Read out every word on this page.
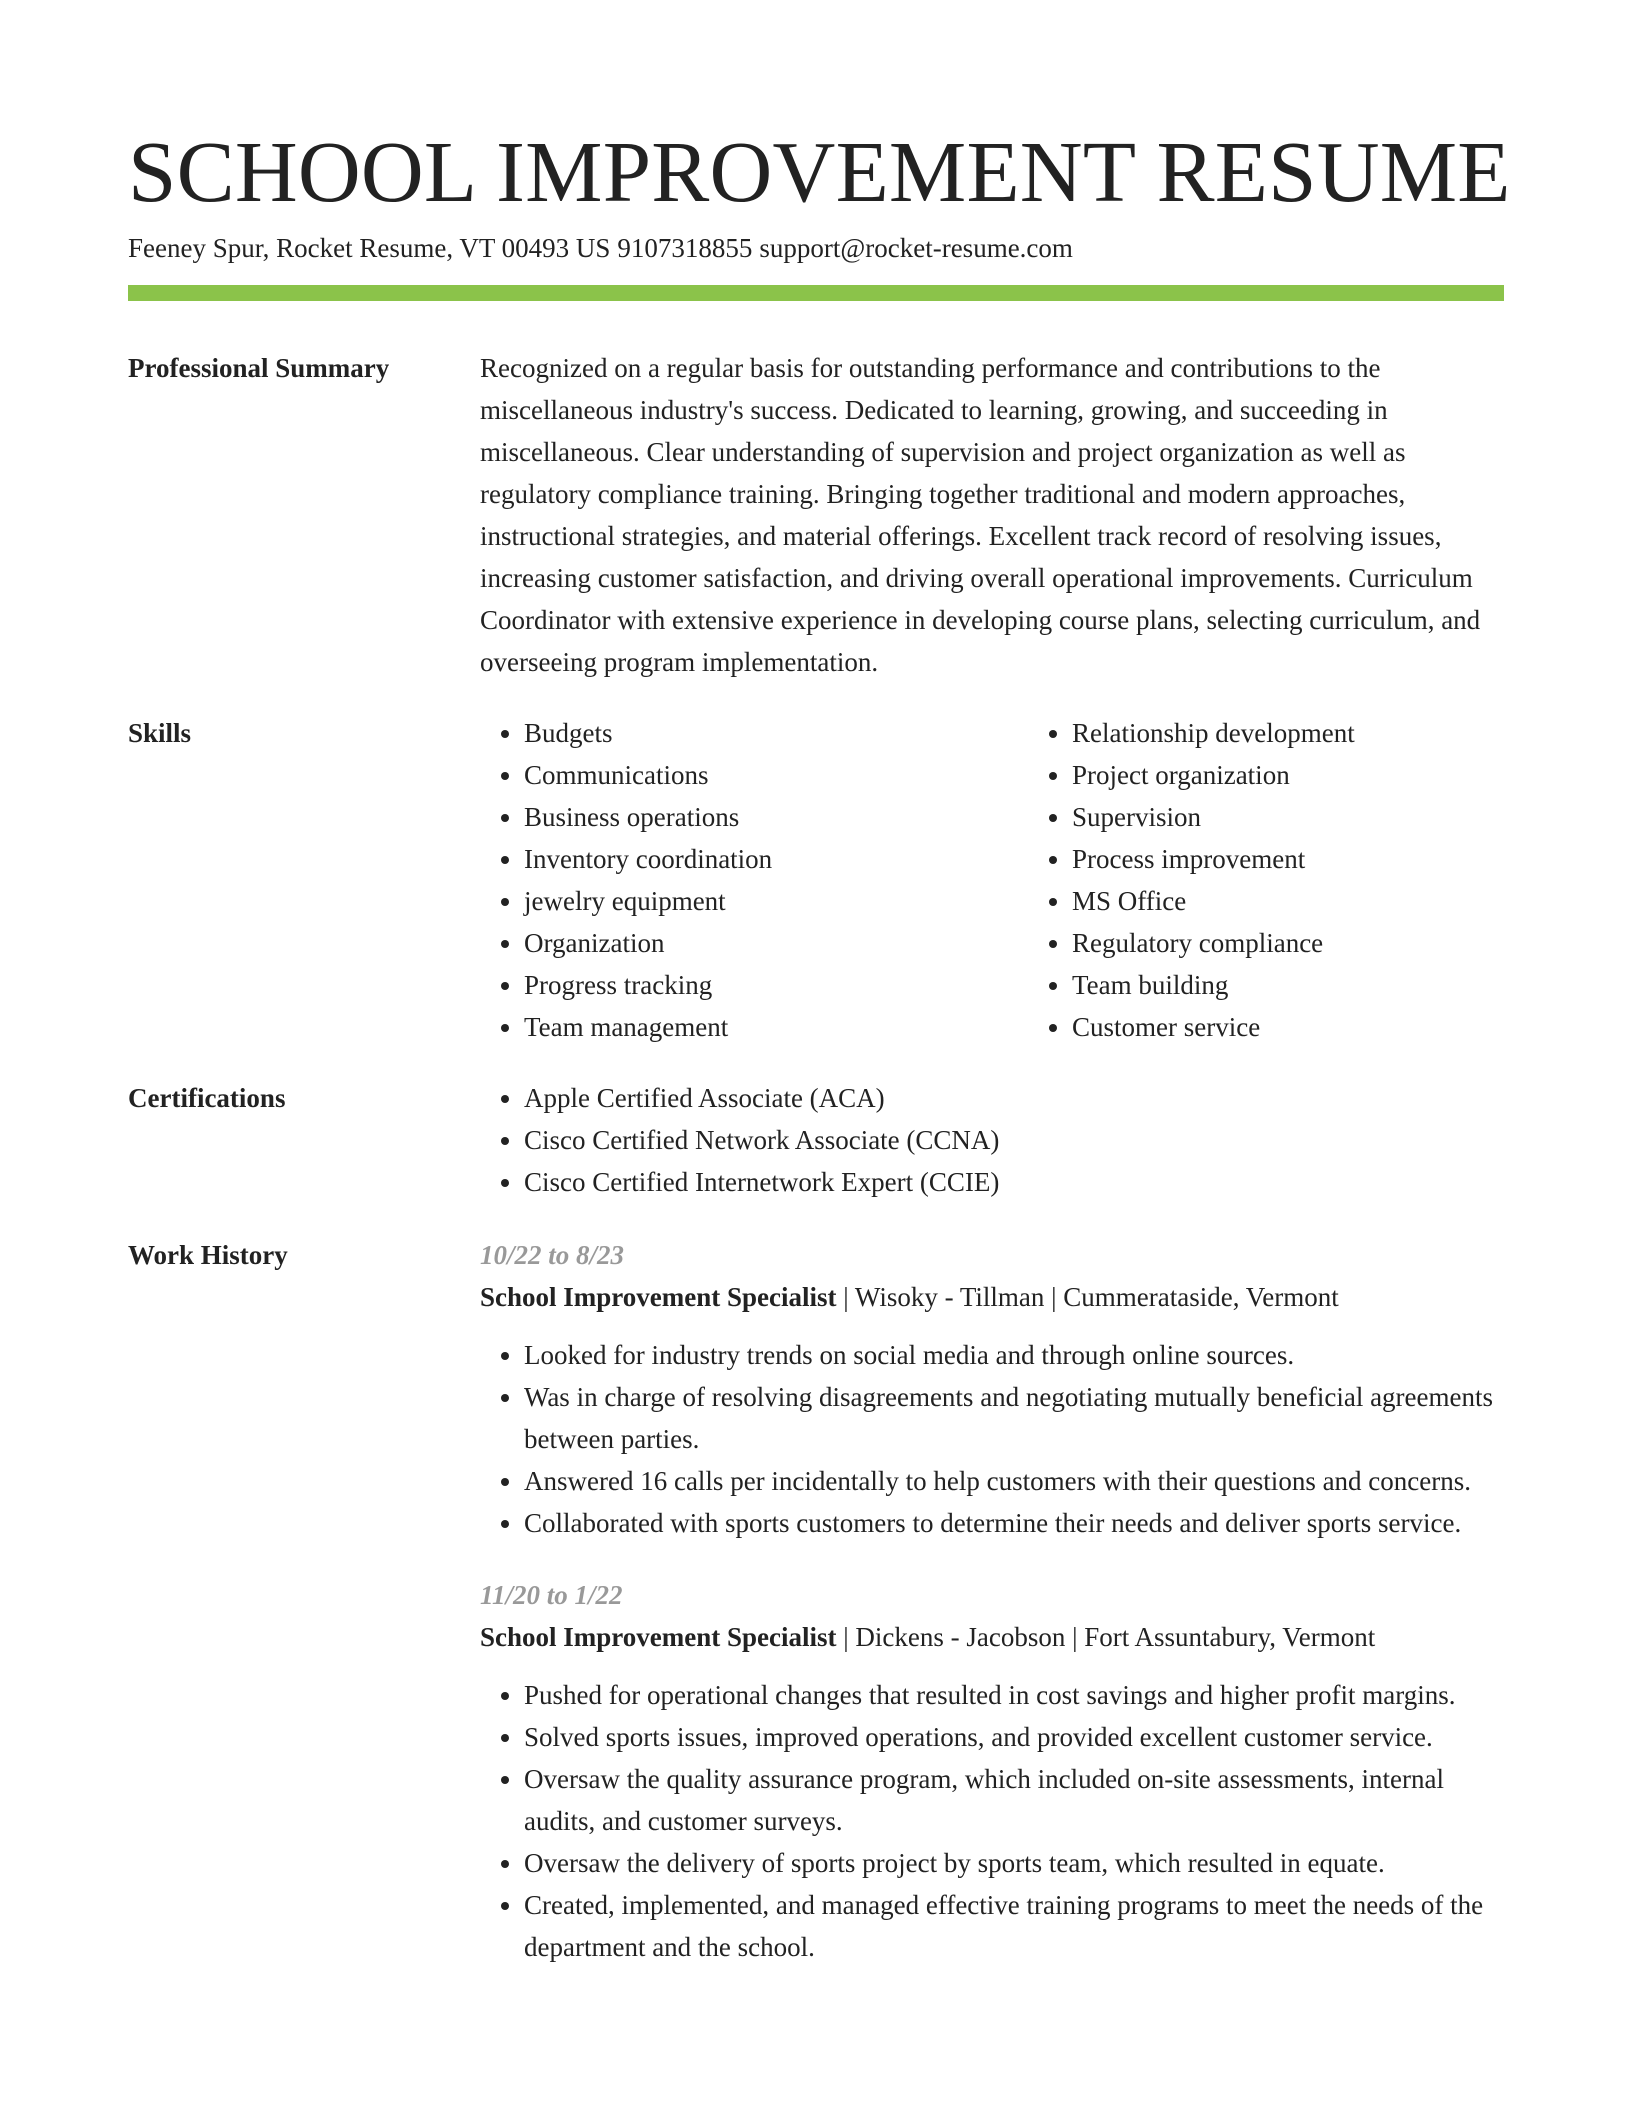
SCHOOL IMPROVEMENT RESUME
Feeney Spur, Rocket Resume, VT 00493 US 9107318855 support@rocket-resume.com
Professional Summary	Recognized on a regular basis for outstanding performance and contributions to the miscellaneous industry's success. Dedicated to learning, growing, and succeeding in miscellaneous. Clear understanding of supervision and project organization as well as regulatory compliance training. Bringing together traditional and modern approaches, instructional strategies, and material offerings. Excellent track record of resolving issues, increasing customer satisfaction, and driving overall operational improvements. Curriculum Coordinator with extensive experience in developing course plans, selecting curriculum, and overseeing program implementation.

Skills	• Budgets
• Communications
• Business operations
• Inventory coordination
• jewelry equipment
• Organization
• Progress tracking
• Team management
• Relationship development
• Project organization
• Supervision
• Process improvement
• MS Office
• Regulatory compliance
• Team building
• Customer service
Certifications	• Apple Certified Associate (ACA)
• Cisco Certified Network Associate (CCNA)
• Cisco Certified Internetwork Expert (CCIE)
Work History	10/22 to 8/23
School Improvement Specialist | Wisoky - Tillman | Cummerataside, Vermont
• Looked for industry trends on social media and through online sources.
• Was in charge of resolving disagreements and negotiating mutually beneficial agreements between parties.
• Answered 16 calls per incidentally to help customers with their questions and concerns.
• Collaborated with sports customers to determine their needs and deliver sports service.
11/20 to 1/22
School Improvement Specialist | Dickens - Jacobson | Fort Assuntabury, Vermont
• Pushed for operational changes that resulted in cost savings and higher profit margins.
• Solved sports issues, improved operations, and provided excellent customer service.
• Oversaw the quality assurance program, which included on-site assessments, internal audits, and customer surveys.
• Oversaw the delivery of sports project by sports team, which resulted in equate.
• Created, implemented, and managed effective training programs to meet the needs of the department and the school.
